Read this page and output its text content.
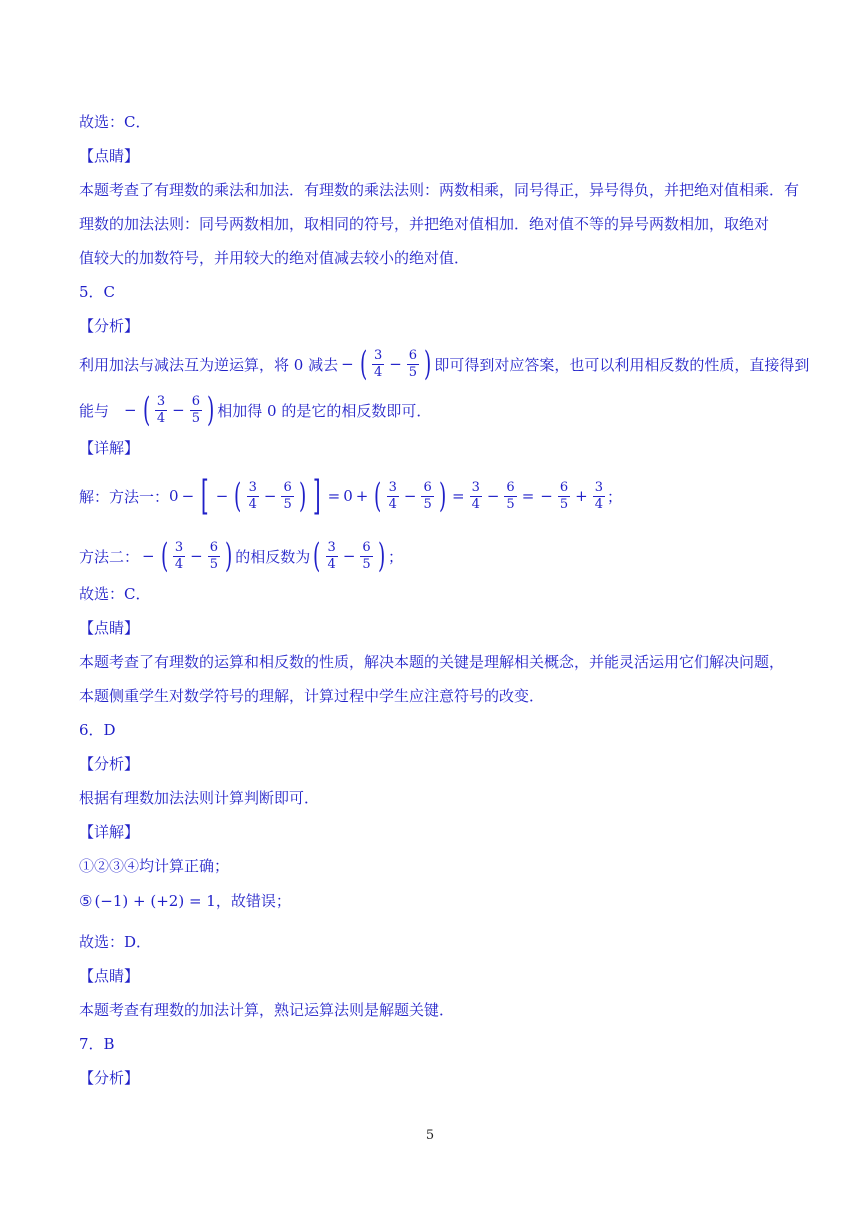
故选：C．
【点睛】
本题考查了有理数的乘法和加法．有理数的乘法法则：两数相乘，同号得正，异号得负，并把绝对值相乘．有
理数的加法法则：同号两数相加，取相同的符号，并把绝对值相加．绝对值不等的异号两数相加，取绝对
值较大的加数符号，并用较大的绝对值减去较小的绝对值．
5．C
【分析】
利用加法与减法互为逆运算，将 0 减去 − ( $\frac{3}{4} - \frac{6}{5}$ ) 即可得到对应答案，也可以利用相反数的性质，直接得到
能与 − ( $\frac{3}{4} - \frac{6}{5}$ ) 相加得 0 的是它的相反数即可．
【详解】
解：方法一： 0 − [ − ( $\frac{3}{4} - \frac{6}{5}$ ) ] = 0 + ( $\frac{3}{4} - \frac{6}{5}$ ) = $\frac{3}{4} - \frac{6}{5}$ = − $\frac{6}{5} + \frac{3}{4}$ ；
方法二： − ( $\frac{3}{4} - \frac{6}{5}$ ) 的相反数为 ( $\frac{3}{4} - \frac{6}{5}$ ) ；
故选：C．
【点睛】
本题考查了有理数的运算和相反数的性质，解决本题的关键是理解相关概念，并能灵活运用它们解决问题，
本题侧重学生对数学符号的理解，计算过程中学生应注意符号的改变．
6．D
【分析】
根据有理数加法法则计算判断即可．
【详解】
①②③④均计算正确；
⑤ (−1) + (+2) = 1 ，故错误；
故选：D．
【点睛】
本题考查有理数的加法计算，熟记运算法则是解题关键．
7．B
【分析】
5
